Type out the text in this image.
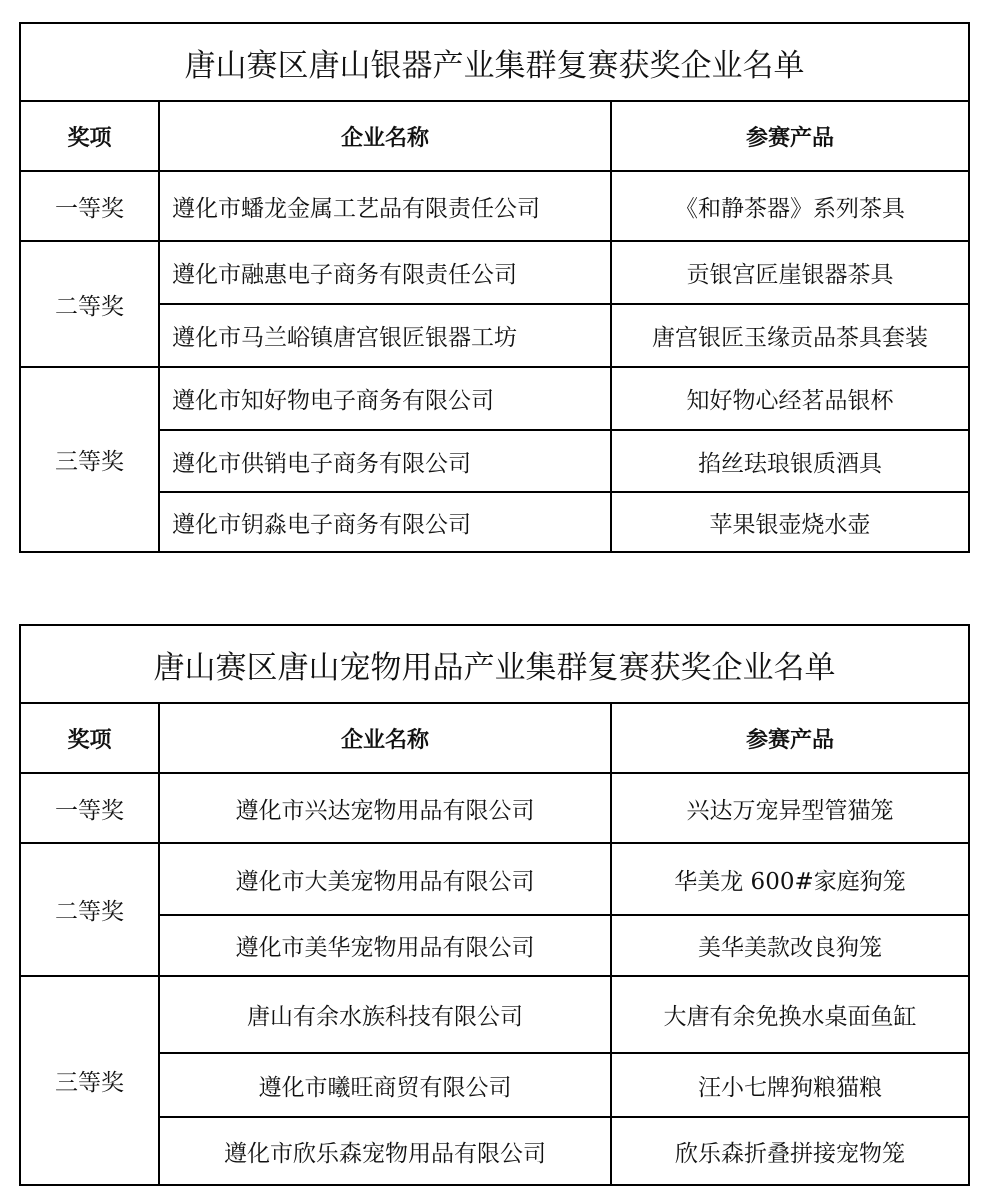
唐山赛区唐山银器产业集群复赛获奖企业名单		
奖项	企业名称	参赛产品
一等奖	遵化市蟠龙金属工艺品有限责任公司	《和静茶器》系列茶具
二等奖	遵化市融惠电子商务有限责任公司	贡银宫匠崖银器茶具
	遵化市马兰峪镇唐宫银匠银器工坊	唐宫银匠玉缘贡品茶具套装
三等奖	遵化市知好物电子商务有限公司	知好物心经茗品银杯
	遵化市供销电子商务有限公司	掐丝珐琅银质酒具
	遵化市钥淼电子商务有限公司	苹果银壶烧水壶
唐山赛区唐山宠物用品产业集群复赛获奖企业名单		
奖项	企业名称	参赛产品
一等奖	遵化市兴达宠物用品有限公司	兴达万宠异型管猫笼
二等奖	遵化市大美宠物用品有限公司	华美龙 600#家庭狗笼
	遵化市美华宠物用品有限公司	美华美款改良狗笼
三等奖	唐山有余水族科技有限公司	大唐有余免换水桌面鱼缸
	遵化市曦旺商贸有限公司	汪小七牌狗粮猫粮
	遵化市欣乐森宠物用品有限公司	欣乐森折叠拼接宠物笼
